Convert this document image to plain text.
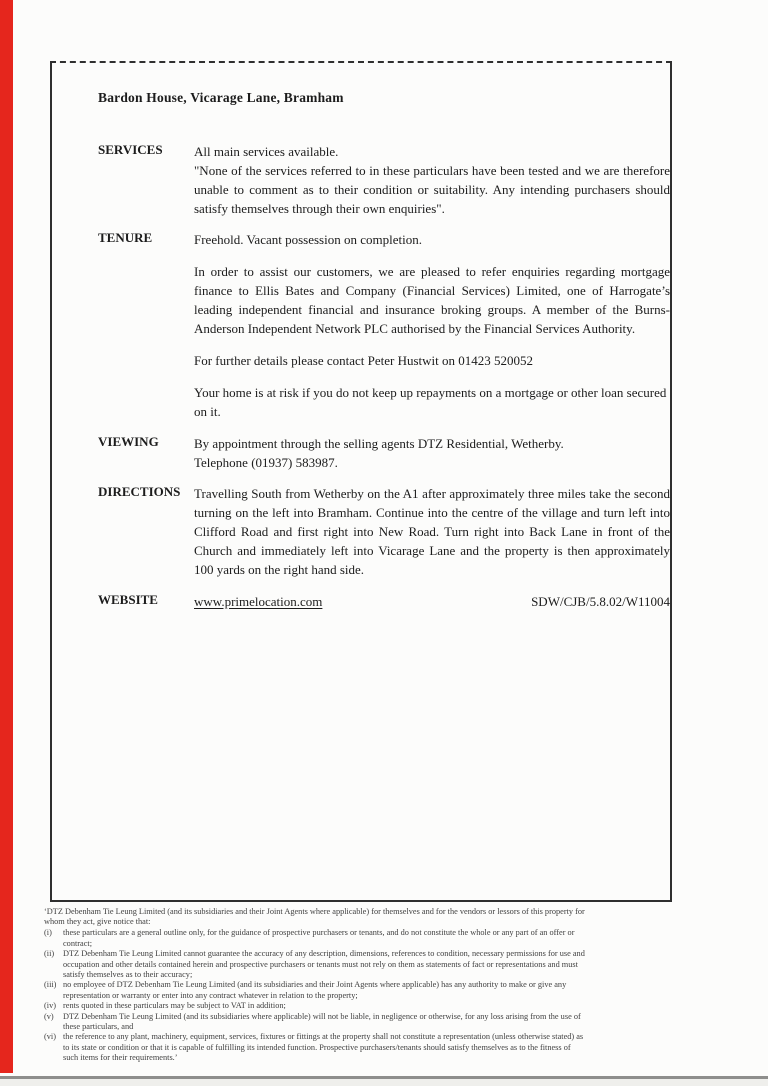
Bardon House, Vicarage Lane, Bramham
SERVICES	All main services available.

"None of the services referred to in these particulars have been tested and we are therefore unable to comment as to their condition or suitability. Any intending purchasers should satisfy themselves through their own enquiries".

TENURE	Freehold. Vacant possession on completion.

In order to assist our customers, we are pleased to refer enquiries regarding mortgage finance to Ellis Bates and Company (Financial Services) Limited, one of Harrogate’s leading independent financial and insurance broking groups. A member of the Burns-Anderson Independent Network PLC authorised by the Financial Services Authority.

For further details please contact Peter Hustwit on 01423 520052

Your home is at risk if you do not keep up repayments on a mortgage or other loan secured on it.

VIEWING	By appointment through the selling agents DTZ Residential, Wetherby.

Telephone (01937) 583987.

DIRECTIONS	Travelling South from Wetherby on the A1 after approximately three miles take the second turning on the left into Bramham. Continue into the centre of the village and turn left into Clifford Road and first right into New Road. Turn right into Back Lane in front of the Church and immediately left into Vicarage Lane and the property is then approximately 100 yards on the right hand side.

WEBSITE	www.primelocation.com	SDW/CJB/5.8.02/W11004
‘DTZ Debenham Tie Leung Limited (and its subsidiaries and their Joint Agents where applicable) for themselves and for the vendors or lessors of this property for whom they act, give notice that:
(i)	these particulars are a general outline only, for the guidance of prospective purchasers or tenants, and do not constitute the whole or any part of an offer or contract;
(ii)	DTZ Debenham Tie Leung Limited cannot guarantee the accuracy of any description, dimensions, references to condition, necessary permissions for use and occupation and other details contained herein and prospective purchasers or tenants must not rely on them as statements of fact or representations and must satisfy themselves as to their accuracy;
(iii) no employee of DTZ Debenham Tie Leung Limited (and its subsidiaries and their Joint Agents where applicable) has any authority to make or give any representation or warranty or enter into any contract whatever in relation to the property;
(iv) rents quoted in these particulars may be subject to VAT in addition;
(v)	DTZ Debenham Tie Leung Limited (and its subsidiaries where applicable) will not be liable, in negligence or otherwise, for any loss arising from the use of these particulars, and
(vi) the reference to any plant, machinery, equipment, services, fixtures or fittings at the property shall not constitute a representation (unless otherwise stated) as to its state or condition or that it is capable of fulfilling its intended function. Prospective purchasers/tenants should satisfy themselves as to the fitness of such items for their requirements.’
